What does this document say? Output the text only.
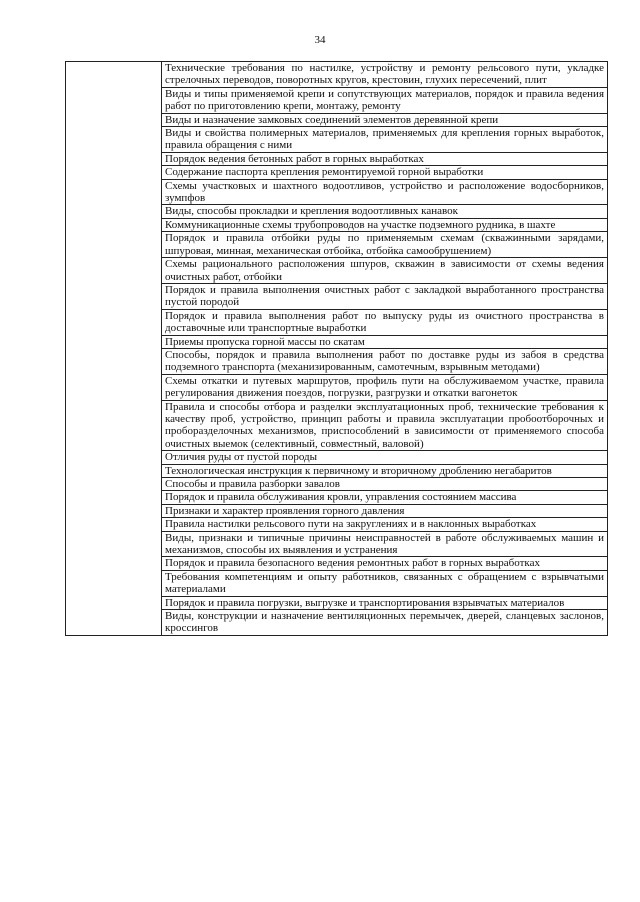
34
	Технические требования по настилке, устройству и ремонту рельсового пути, укладке стрелочных переводов, поворотных кругов, крестовин, глухих пересечений, плит
Виды и типы применяемой крепи и сопутствующих материалов, порядок и правила ведения работ по приготовлению крепи, монтажу, ремонту
Виды и назначение замковых соединений элементов деревянной крепи
Виды и свойства полимерных материалов, применяемых для крепления горных выработок, правила обращения с ними
Порядок ведения бетонных работ в горных выработках
Содержание паспорта крепления ремонтируемой горной выработки
Схемы участковых и шахтного водоотливов, устройство и расположение водосборников, зумпфов
Виды, способы прокладки и крепления водоотливных канавок
Коммуникационные схемы трубопроводов на участке подземного рудника, в шахте
Порядок и правила отбойки руды по применяемым схемам (скважинными зарядами, шпуровая, минная, механическая отбойка, отбойка самообрушением)
Схемы рационального расположения шпуров, скважин в зависимости от схемы ведения очистных работ, отбойки
Порядок и правила выполнения очистных работ с закладкой выработанного пространства пустой породой
Порядок и правила выполнения работ по выпуску руды из очистного пространства в доставочные или транспортные выработки
Приемы пропуска горной массы по скатам
Способы, порядок и правила выполнения работ по доставке руды из забоя в средства подземного транспорта (механизированным, самотечным, взрывным методами)
Схемы откатки и путевых маршрутов, профиль пути на обслуживаемом участке, правила регулирования движения поездов, погрузки, разгрузки и откатки вагонеток
Правила и способы отбора и разделки эксплуатационных проб, технические требования к качеству проб, устройство, принцип работы и правила эксплуатации пробоотборочных и проборазделочных механизмов, приспособлений в зависимости от применяемого способа очистных выемок (селективный, совместный, валовой)
Отличия руды от пустой породы
Технологическая инструкция к первичному и вторичному дроблению негабаритов
Способы и правила разборки завалов
Порядок и правила обслуживания кровли, управления состоянием массива
Признаки и характер проявления горного давления
Правила настилки рельсового пути на закруглениях и в наклонных выработках
Виды, признаки и типичные причины неисправностей в работе обслуживаемых машин и механизмов, способы их выявления и устранения
Порядок и правила безопасного ведения ремонтных работ в горных выработках
Требования компетенциям и опыту работников, связанных с обращением с взрывчатыми материалами
Порядок и правила погрузки, выгрузке и транспортирования взрывчатых материалов
Виды, конструкции и назначение вентиляционных перемычек, дверей, сланцевых заслонов, кроссингов
